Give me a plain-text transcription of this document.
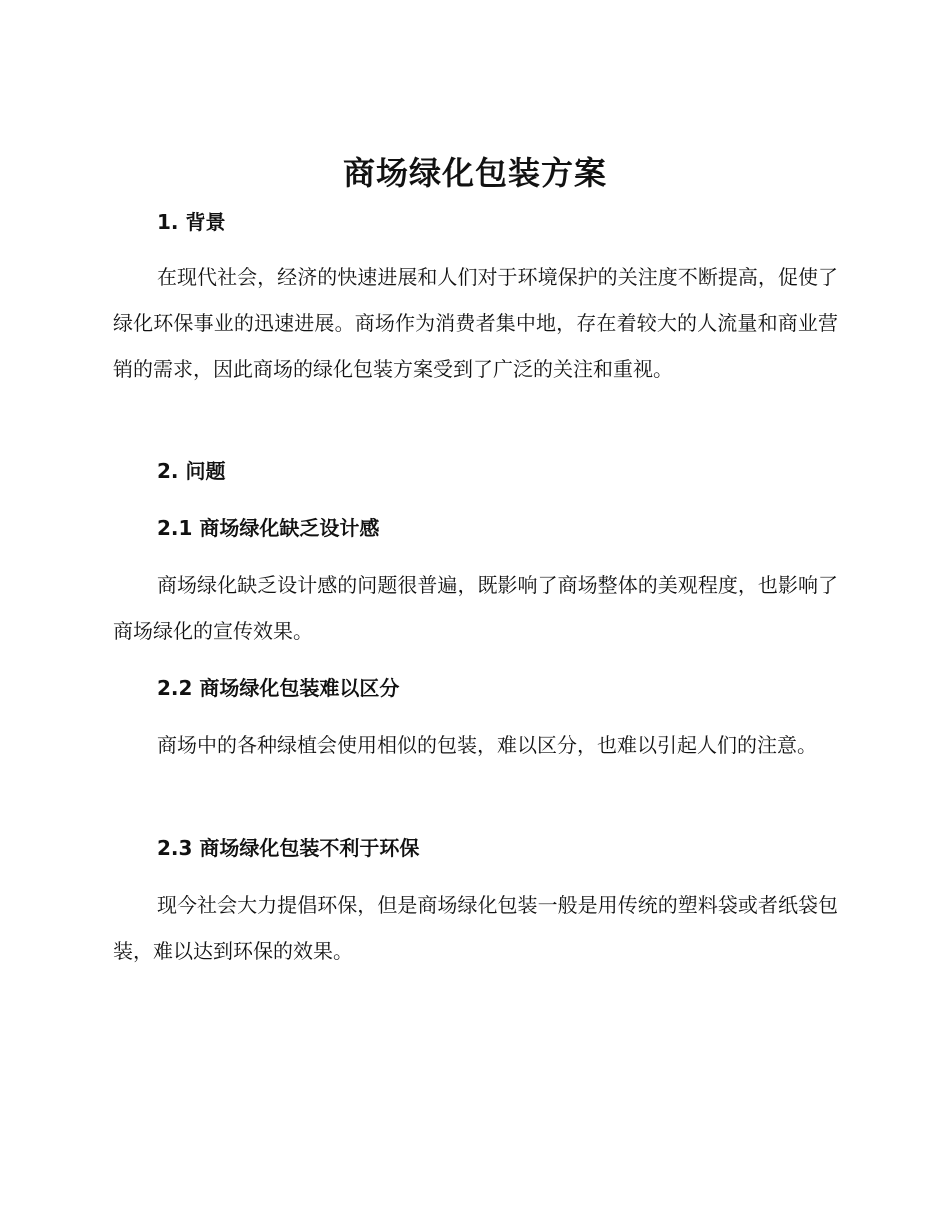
商场绿化包装方案
1. 背景
在现代社会，经济的快速进展和人们对于环境保护的关注度不断提高，促使了绿化环保事业的迅速进展。商场作为消费者集中地，存在着较大的人流量和商业营销的需求，因此商场的绿化包装方案受到了广泛的关注和重视。
2. 问题
2.1 商场绿化缺乏设计感
商场绿化缺乏设计感的问题很普遍，既影响了商场整体的美观程度，也影响了商场绿化的宣传效果。
2.2 商场绿化包装难以区分
商场中的各种绿植会使用相似的包装，难以区分，也难以引起人们的注意。
2.3 商场绿化包装不利于环保
现今社会大力提倡环保，但是商场绿化包装一般是用传统的塑料袋或者纸袋包装，难以达到环保的效果。
